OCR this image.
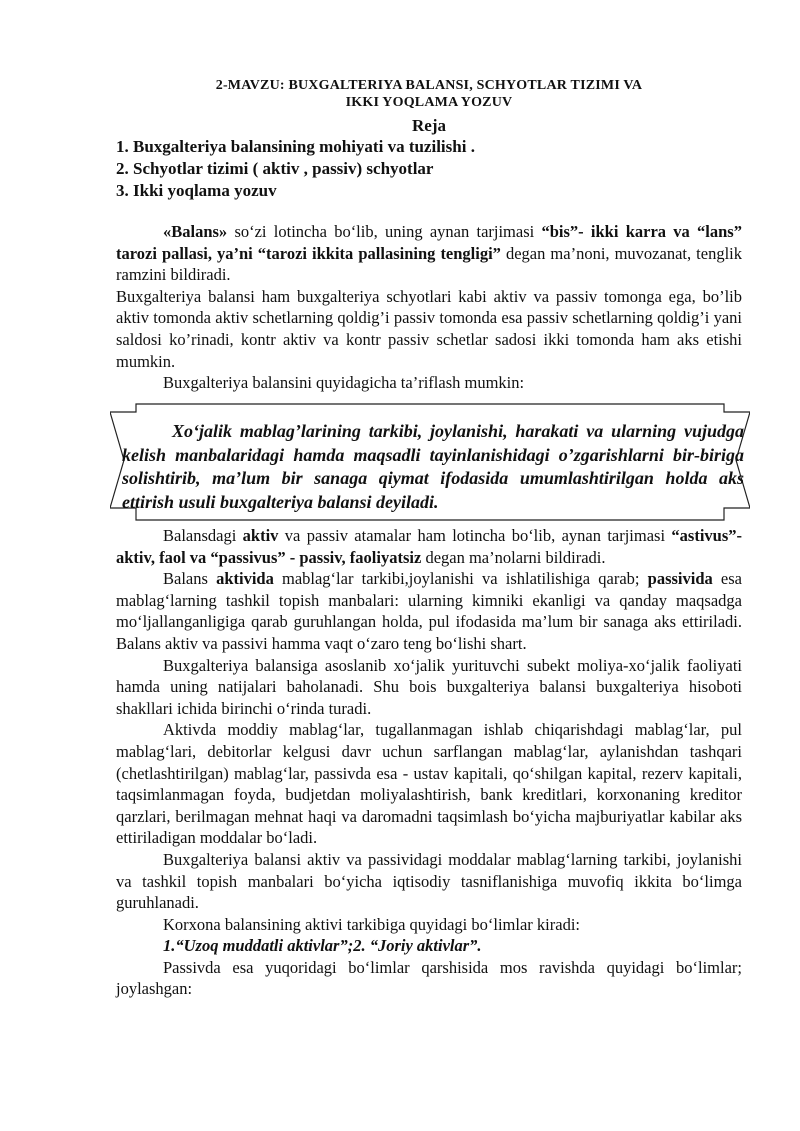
2-MAVZU: BUXGALTERIYA BALANSI, SCHYOTLAR TIZIMI VA
IKKI YOQLAMA YOZUV
Reja
1. Buxgalteriya balansining mohiyati va tuzilishi .
2. Schyotlar tizimi ( aktiv , passiv) schyotlar
3. Ikki yoqlama yozuv

«Balans» so‘zi lotincha bo‘lib, uning aynan tarjimasi “bis”- ikki karra va “lans” tarozi pallasi, ya’ni “tarozi ikkita pallasining tengligi” degan ma’noni, muvozanat, tenglik ramzini bildiradi.

Buxgalteriya balansi ham buxgalteriya schyotlari kabi aktiv va passiv tomonga ega, bo’lib aktiv tomonda aktiv schetlarning qoldig’i passiv tomonda esa passiv schetlarning qoldig’i yani saldosi ko’rinadi, kontr aktiv va kontr passiv schetlar sadosi ikki tomonda ham aks etishi mumkin.

Buxgalteriya balansini quyidagicha ta’riflash mumkin:

Xo‘jalik mablag’larining tarkibi, joylanishi, harakati va ularning vujudga kelish manbalaridagi hamda maqsadli tayinlanishidagi o’zgarishlarni bir-biriga solishtirib, ma’lum bir sanaga qiymat ifodasida umumlashtirilgan holda aks ettirish usuli buxgalteriya balansi deyiladi.

Balansdagi aktiv va passiv atamalar ham lotincha bo‘lib, aynan tarjimasi “astivus”- aktiv, faol va “passivus” - passiv, faoliyatsiz degan ma’nolarni bildiradi.

Balans aktivida mablag‘lar tarkibi,joylanishi va ishlatilishiga qarab; passivida esa mablag‘larning tashkil topish manbalari: ularning kimniki ekanligi va qanday maqsadga mo‘ljallanganligiga qarab guruhlangan holda, pul ifodasida ma’lum bir sanaga aks ettiriladi. Balans aktiv va passivi hamma vaqt o‘zaro teng bo‘lishi shart.

Buxgalteriya balansiga asoslanib xo‘jalik yurituvchi subekt moliya-xo‘jalik faoliyati hamda uning natijalari baholanadi. Shu bois buxgalteriya balansi buxgalteriya hisoboti shakllari ichida birinchi o‘rinda turadi.

Aktivda moddiy mablag‘lar, tugallanmagan ishlab chiqarishdagi mablag‘lar, pul mablag‘lari, debitorlar kelgusi davr uchun sarflangan mablag‘lar, aylanishdan tashqari (chetlashtirilgan) mablag‘lar, passivda esa - ustav kapitali, qo‘shilgan kapital, rezerv kapitali, taqsimlanmagan foyda, budjetdan moliyalashtirish, bank kreditlari, korxonaning kreditor qarzlari, berilmagan mehnat haqi va daromadni taqsimlash bo‘yicha majburiyatlar kabilar aks ettiriladigan moddalar bo‘ladi.

Buxgalteriya balansi aktiv va passividagi moddalar mablag‘larning tarkibi, joylanishi va tashkil topish manbalari bo‘yicha iqtisodiy tasniflanishiga muvofiq ikkita bo‘limga guruhlanadi.

Korxona balansining aktivi tarkibiga quyidagi bo‘limlar kiradi:

1.“Uzoq muddatli aktivlar”;2. “Joriy aktivlar”.

Passivda esa yuqoridagi bo‘limlar qarshisida mos ravishda quyidagi bo‘limlar; joylashgan:
